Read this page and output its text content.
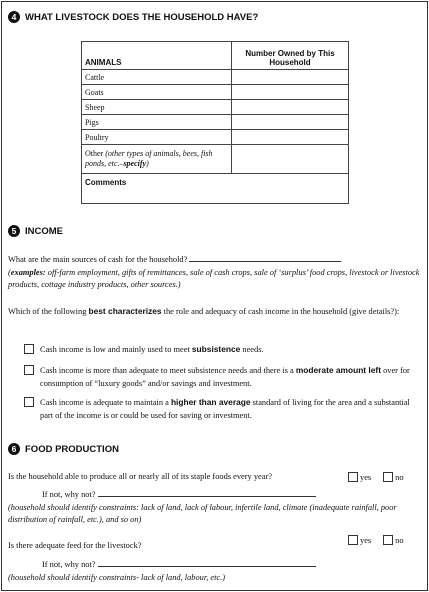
4 WHAT LIVESTOCK DOES THE HOUSEHOLD HAVE?
ANIMALS	Number Owned by This Household
Cattle	
Goats	
Sheep	
Pigs	
Poultry	
Other (other types of animals, bees, fish ponds, etc.–specify)	
Comments	
5 INCOME
What are the main sources of cash for the household?
(examples: off-farm employment, gifts of remittances, sale of cash crops, sale of ‘surplus’ food crops, livestock or livestock products, cottage industry products, other sources.)
Which of the following best characterizes the role and adequacy of cash income in the household (give details?):
Cash income is low and mainly used to meet subsistence needs.
Cash income is more than adequate to meet subsistence needs and there is a moderate amount left over for consumption of “luxury goods” and/or savings and investment.
Cash income is adequate to maintain a higher than average standard of living for the area and a substantial part of the income is or could be used for saving or investment.
6 FOOD PRODUCTION
Is the household able to produce all or nearly all of its staple foods every year?	yes	no
If not, why not?
(household should identify constraints: lack of land, lack of labour, infertile land, climate (inadequate rainfall, poor distribution of rainfall, etc.), and so on)
Is there adequate feed for the livestock?
yes	no
If not, why not?
(household should identify constraints- lack of land, labour, etc.)
